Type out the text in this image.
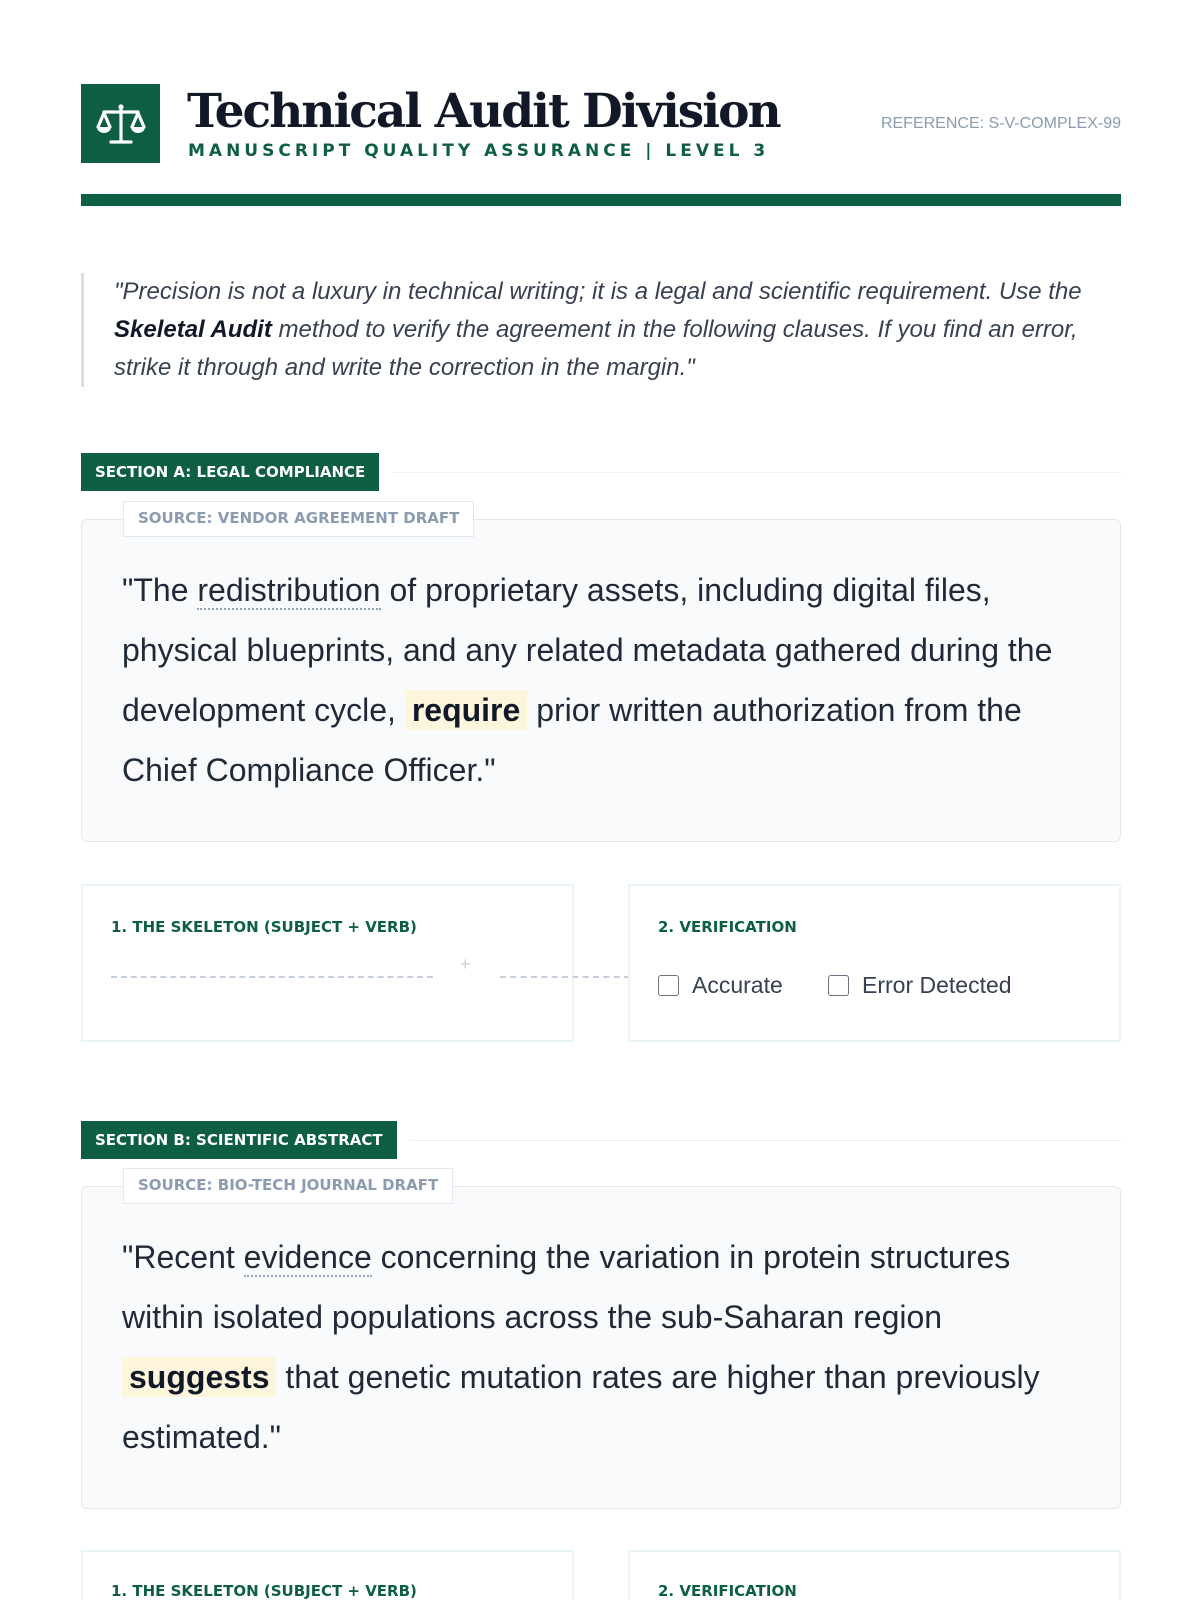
Technical Audit Division
MANUSCRIPT QUALITY ASSURANCE | LEVEL 3
REFERENCE: S-V-COMPLEX-99
"Precision is not a luxury in technical writing; it is a legal and scientific requirement. Use the Skeletal Audit method to verify the agreement in the following clauses. If you find an error, strike it through and write the correction in the margin."
SECTION A: LEGAL COMPLIANCE
"The redistribution of proprietary assets, including digital files, physical blueprints, and any related metadata gathered during the development cycle, require prior written authorization from the Chief Compliance Officer."
SOURCE: VENDOR AGREEMENT DRAFT
1. THE SKELETON (SUBJECT + VERB)
+
2. VERIFICATION
Accurate	Error Detected
SECTION B: SCIENTIFIC ABSTRACT
"Recent evidence concerning the variation in protein structures within isolated populations across the sub-Saharan region suggests that genetic mutation rates are higher than previously estimated."
SOURCE: BIO-TECH JOURNAL DRAFT
1. THE SKELETON (SUBJECT + VERB)	2. VERIFICATION
